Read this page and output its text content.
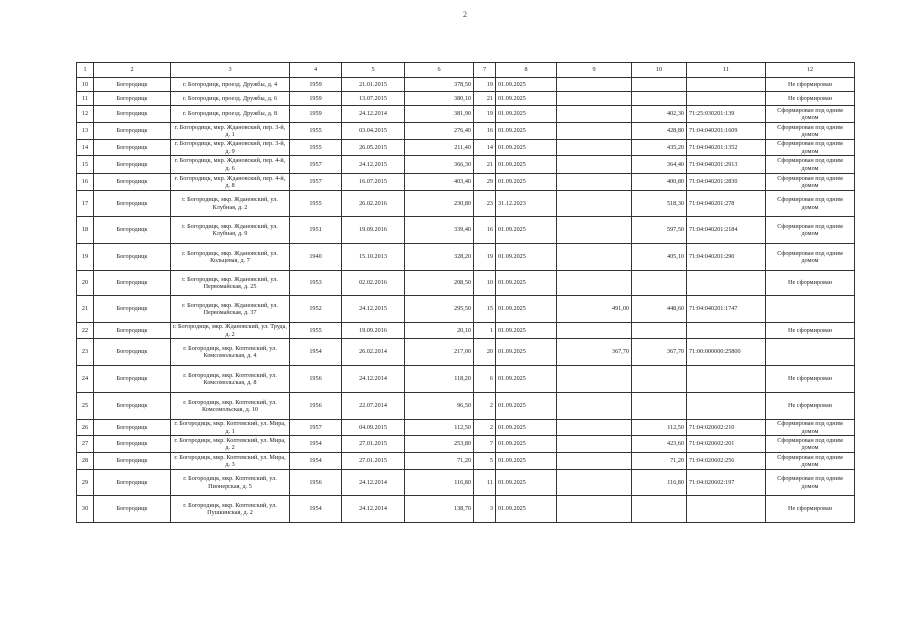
2
1	2	3	4	5	6	7	8	9	10	11	12
10	Богородицк	г. Богородицк, проезд. Дружбы, д. 4	1959	21.01.2015	378,50	19	01.09.2025				Не сформирован
11	Богородицк	г. Богородицк, проезд. Дружбы, д. 6	1959	13.07.2015	380,10	21	01.09.2025				Не сформирован
12	Богородицк	г. Богородицк, проезд. Дружбы, д. 8	1959	24.12.2014	381,90	19	01.09.2025		402,30	71:25:030201:139	Сформирован под одним домом
13	Богородицк	г. Богородицк, мкр. Ждановский, пер. 3-й, д. 1	1955	03.04.2015	276,40	16	01.09.2025		428,80	71:04:040201:1609	Сформирован под одним домом
14	Богородицк	г. Богородицк, мкр. Ждановский, пер. 3-й, д. 9	1955	26.05.2015	211,40	14	01.09.2025		435,20	71:04:040201:1352	Сформирован под одним домом
15	Богородицк	г. Богородицк, мкр. Ждановский, пер. 4-й, д. 6	1957	24.12.2015	366,30	21	01.09.2025		364,40	71:04:040201:2913	Сформирован под одним домом
16	Богородицк	г. Богородицк, мкр. Ждановский, пер. 4-й, д. 8	1957	16.07.2015	403,40	29	01.09.2025		400,80	71:04:040201:2830	Сформирован под одним домом
17	Богородицк	г. Богородицк, мкр. Ждановский, ул. Клубная, д. 2	1955	26.02.2016	230,80	23	31.12.2023		518,30	71:04:040201:278	Сформирован под одним домом
18	Богородицк	г. Богородицк, мкр. Ждановский, ул. Клубная, д. 9	1951	19.09.2016	339,40	16	01.09.2025		597,50	71:04:040201:2184	Сформирован под одним домом
19	Богородицк	г. Богородицк, мкр. Ждановский, ул. Кольцевая, д. 7	1940	15.10.2013	328,20	19	01.09.2025		405,10	71:04:040201:290	Сформирован под одним домом
20	Богородицк	г. Богородицк, мкр. Ждановский, ул. Первомайская, д. 25	1953	02.02.2016	208,50	10	01.09.2025				Не сформирован
21	Богородицк	г. Богородицк, мкр. Ждановский, ул. Первомайская, д. 37	1952	24.12.2015	295,50	15	01.09.2025	491,00	448,60	71:04:040201:1747	
22	Богородицк	г. Богородицк, мкр. Ждановский, ул. Труда, д. 2	1955	19.09.2016	20,10	1	01.09.2025				Не сформирован
23	Богородицк	г. Богородицк, мкр. Коптевский, ул. Комсомольская, д. 4	1954	26.02.2014	217,00	20	01.09.2025	367,70	367,70	71:00:000000:25800	
24	Богородицк	г. Богородицк, мкр. Коптевский, ул. Комсомольская, д. 8	1956	24.12.2014	118,20	6	01.09.2025				Не сформирован
25	Богородицк	г. Богородицк, мкр. Коптевский, ул. Комсомольская, д. 10	1956	22.07.2014	96,50	2	01.09.2025				Не сформирован
26	Богородицк	г. Богородицк, мкр. Коптевский, ул. Мира, д. 1	1957	04.09.2015	112,50	2	01.09.2025		112,50	71:04:020602:210	Сформирован под одним домом
27	Богородицк	г. Богородицк, мкр. Коптевский, ул. Мира, д. 2	1954	27.01.2015	253,80	7	01.09.2025		423,60	71:04:020602:201	Сформирован под одним домом
28	Богородицк	г. Богородицк, мкр. Коптевский, ул. Мира, д. 3	1954	27.01.2015	71,20	5	01.09.2025		71,20	71:04:020602:256	Сформирован под одним домом
29	Богородицк	г. Богородицк, мкр. Коптевский, ул. Пионерская, д. 5	1956	24.12.2014	116,80	11	01.09.2025		116,80	71:04:020602:197	Сформирован под одним домом
30	Богородицк	г. Богородицк, мкр. Коптевский, ул. Пушкинская, д. 2	1954	24.12.2014	138,70	3	01.09.2025				Не сформирован
